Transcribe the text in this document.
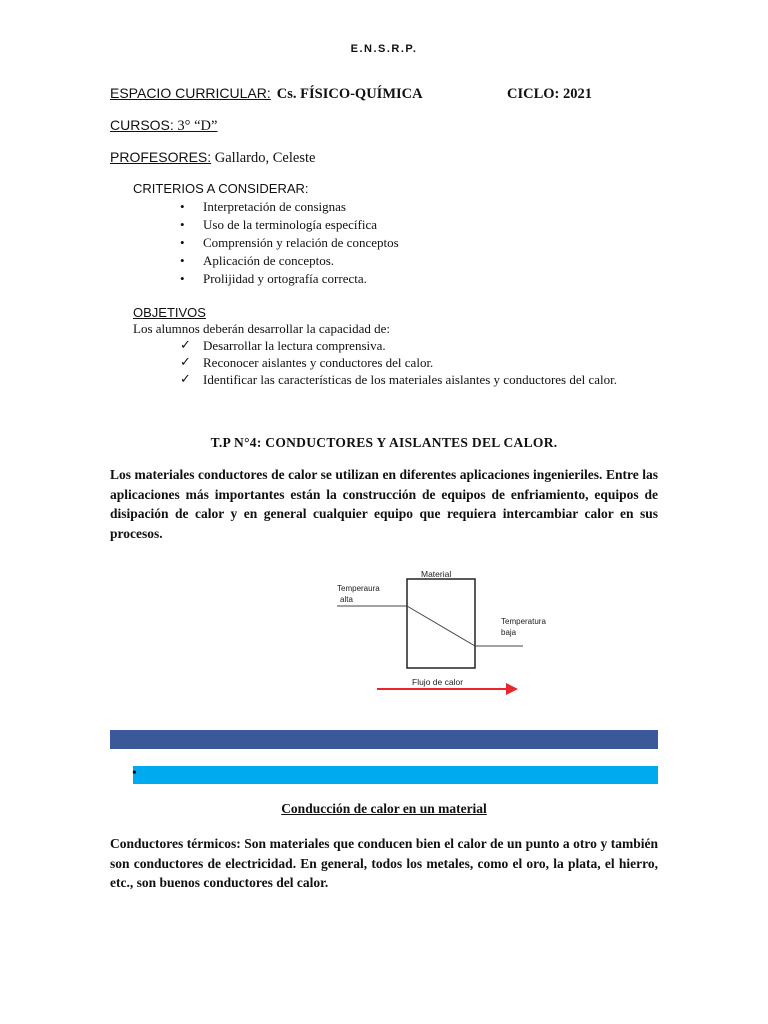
E.N.S.R.P.
ESPACIO CURRICULAR: Cs. FÍSICO-QUÍMICA	CICLO: 2021
CURSOS: 3° “D”
PROFESORES: Gallardo, Celeste
CRITERIOS A CONSIDERAR:
• Interpretación de consignas
• Uso de la terminología específica
• Comprensión y relación de conceptos
• Aplicación de conceptos.
• Prolijidad y ortografía correcta.
OBJETIVOS
Los alumnos deberán desarrollar la capacidad de:
✓ Desarrollar la lectura comprensiva.
✓ Reconocer aislantes y conductores del calor.
✓ Identificar las características de los materiales aislantes y conductores del calor.
T.P N°4: CONDUCTORES Y AISLANTES DEL CALOR.

Los materiales conductores de calor se utilizan en diferentes aplicaciones ingenieriles. Entre las aplicaciones más importantes están la construcción de equipos de enfriamiento, equipos de disipación de calor y en general cualquier equipo que requiera intercambiar calor en sus procesos.

Material
Temperaura
alta
Temperatura
baja
Flujo de calor
•
Conducción de calor en un material

Conductores térmicos: Son materiales que conducen bien el calor de un punto a otro y también son conductores de electricidad. En general, todos los metales, como el oro, la plata, el hierro, etc., son buenos conductores del calor.
